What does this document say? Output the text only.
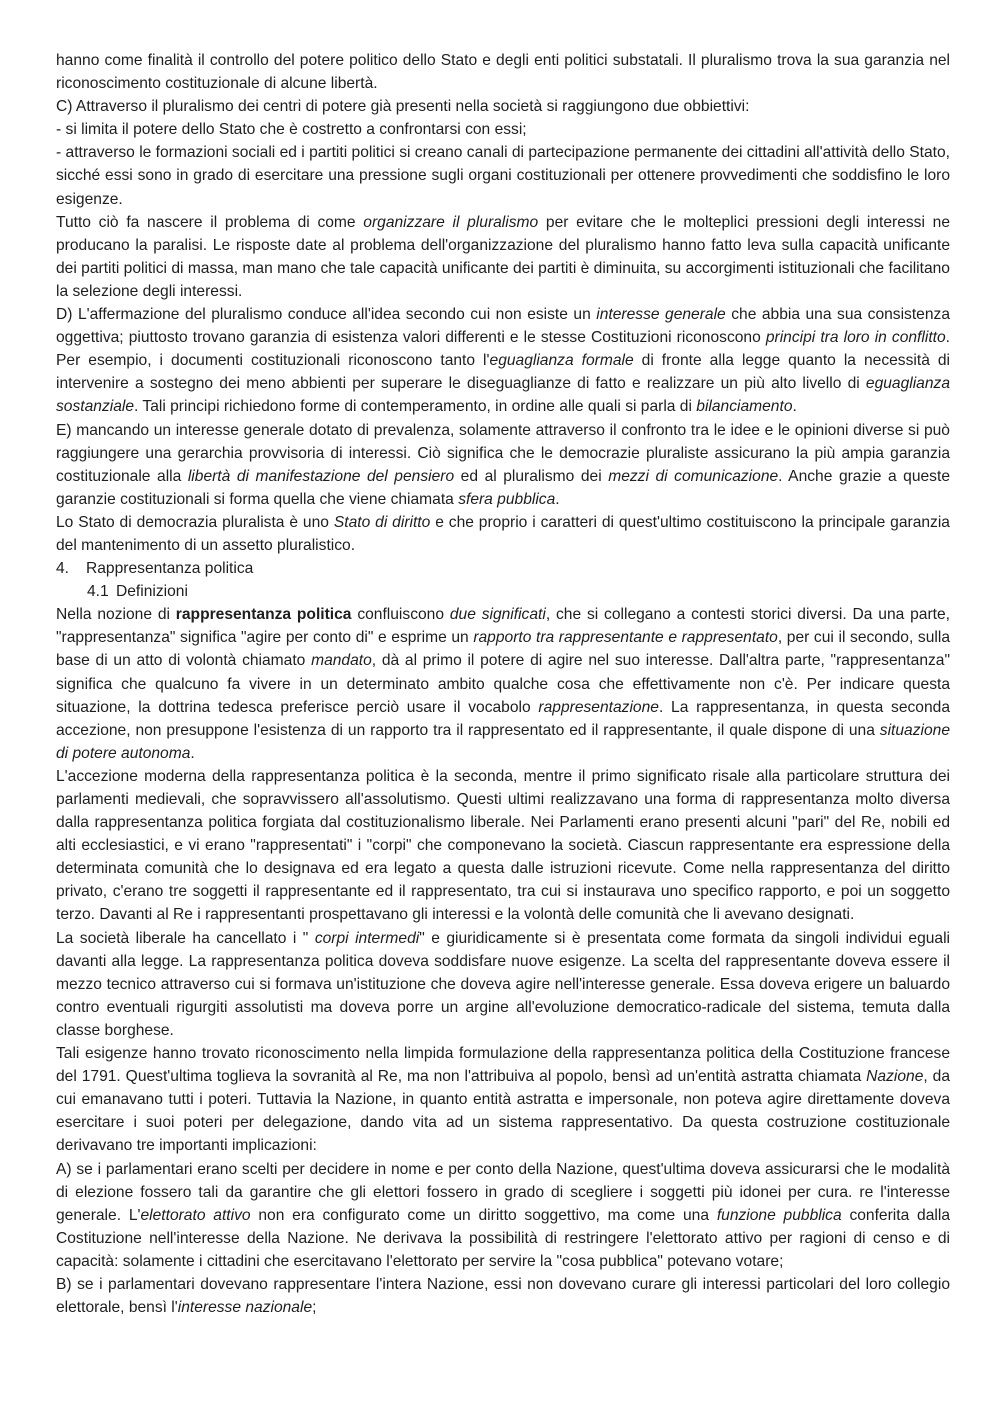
hanno come finalità il controllo del potere politico dello Stato e degli enti politici substatali. Il pluralismo trova la sua garanzia nel riconoscimento costituzionale di alcune libertà.

C) Attraverso il pluralismo dei centri di potere già presenti nella società si raggiungono due obbiettivi:

- si limita il potere dello Stato che è costretto a confrontarsi con essi;

- attraverso le formazioni sociali ed i partiti politici si creano canali di partecipazione permanente dei cittadini all'attività dello Stato, sicché essi sono in grado di esercitare una pressione sugli organi costituzionali per ottenere provvedimenti che soddisfino le loro esigenze.

Tutto ciò fa nascere il problema di come organizzare il pluralismo per evitare che le molteplici pressioni degli interessi ne producano la paralisi. Le risposte date al problema dell'organizzazione del pluralismo hanno fatto leva sulla capacità unificante dei partiti politici di massa, man mano che tale capacità unificante dei partiti è diminuita, su accorgimenti istituzionali che facilitano la selezione degli interessi.

D) L'affermazione del pluralismo conduce all'idea secondo cui non esiste un interesse generale che abbia una sua consistenza oggettiva; piuttosto trovano garanzia di esistenza valori differenti e le stesse Costituzioni riconoscono principi tra loro in conflitto. Per esempio, i documenti costituzionali riconoscono tanto l'eguaglianza formale di fronte alla legge quanto la necessità di intervenire a sostegno dei meno abbienti per superare le diseguaglianze di fatto e realizzare un più alto livello di eguaglianza sostanziale. Tali principi richiedono forme di contemperamento, in ordine alle quali si parla di bilanciamento.

E) mancando un interesse generale dotato di prevalenza, solamente attraverso il confronto tra le idee e le opinioni diverse si può raggiungere una gerarchia provvisoria di interessi. Ciò significa che le democrazie pluraliste assicurano la più ampia garanzia costituzionale alla libertà di manifestazione del pensiero ed al pluralismo dei mezzi di comunicazione. Anche grazie a queste garanzie costituzionali si forma quella che viene chiamata sfera pubblica.

Lo Stato di democrazia pluralista è uno Stato di diritto e che proprio i caratteri di quest'ultimo costituiscono la principale garanzia del mantenimento di un assetto pluralistico.

4. Rappresentanza politica

4.1 Definizioni

Nella nozione di rappresentanza politica confluiscono due significati, che si collegano a contesti storici diversi. Da una parte, "rappresentanza" significa "agire per conto di" e esprime un rapporto tra rappresentante e rappresentato, per cui il secondo, sulla base di un atto di volontà chiamato mandato, dà al primo il potere di agire nel suo interesse. Dall'altra parte, "rappresentanza" significa che qualcuno fa vivere in un determinato ambito qualche cosa che effettivamente non c'è. Per indicare questa situazione, la dottrina tedesca preferisce perciò usare il vocabolo rappresentazione. La rappresentanza, in questa seconda accezione, non presuppone l'esistenza di un rapporto tra il rappresentato ed il rappresentante, il quale dispone di una situazione di potere autonoma.

L'accezione moderna della rappresentanza politica è la seconda, mentre il primo significato risale alla particolare struttura dei parlamenti medievali, che sopravvissero all'assolutismo. Questi ultimi realizzavano una forma di rappresentanza molto diversa dalla rappresentanza politica forgiata dal costituzionalismo liberale. Nei Parlamenti erano presenti alcuni "pari" del Re, nobili ed alti ecclesiastici, e vi erano "rappresentati" i "corpi" che componevano la società. Ciascun rappresentante era espressione della determinata comunità che lo designava ed era legato a questa dalle istruzioni ricevute. Come nella rappresentanza del diritto privato, c'erano tre soggetti il rappresentante ed il rappresentato, tra cui si instaurava uno specifico rapporto, e poi un soggetto terzo. Davanti al Re i rappresentanti prospettavano gli interessi e la volontà delle comunità che li avevano designati.

La società liberale ha cancellato i " corpi intermedi" e giuridicamente si è presentata come formata da singoli individui eguali davanti alla legge. La rappresentanza politica doveva soddisfare nuove esigenze. La scelta del rappresentante doveva essere il mezzo tecnico attraverso cui si formava un'istituzione che doveva agire nell'interesse generale. Essa doveva erigere un baluardo contro eventuali rigurgiti assolutisti ma doveva porre un argine all'evoluzione democratico-radicale del sistema, temuta dalla classe borghese.

Tali esigenze hanno trovato riconoscimento nella limpida formulazione della rappresentanza politica della Costituzione francese del 1791. Quest'ultima toglieva la sovranità al Re, ma non l'attribuiva al popolo, bensì ad un'entità astratta chiamata Nazione, da cui emanavano tutti i poteri. Tuttavia la Nazione, in quanto entità astratta e impersonale, non poteva agire direttamente doveva esercitare i suoi poteri per delegazione, dando vita ad un sistema rappresentativo. Da questa costruzione costituzionale derivavano tre importanti implicazioni:

A) se i parlamentari erano scelti per decidere in nome e per conto della Nazione, quest'ultima doveva assicurarsi che le modalità di elezione fossero tali da garantire che gli elettori fossero in grado di scegliere i soggetti più idonei per cura. re l'interesse generale. L'elettorato attivo non era configurato come un diritto soggettivo, ma come una funzione pubblica conferita dalla Costituzione nell'interesse della Nazione. Ne derivava la possibilità di restringere l'elettorato attivo per ragioni di censo e di capacità: solamente i cittadini che esercitavano l'elettorato per servire la "cosa pubblica" potevano votare;

B) se i parlamentari dovevano rappresentare l'intera Nazione, essi non dovevano curare gli interessi particolari del loro collegio elettorale, bensì l'interesse nazionale;
